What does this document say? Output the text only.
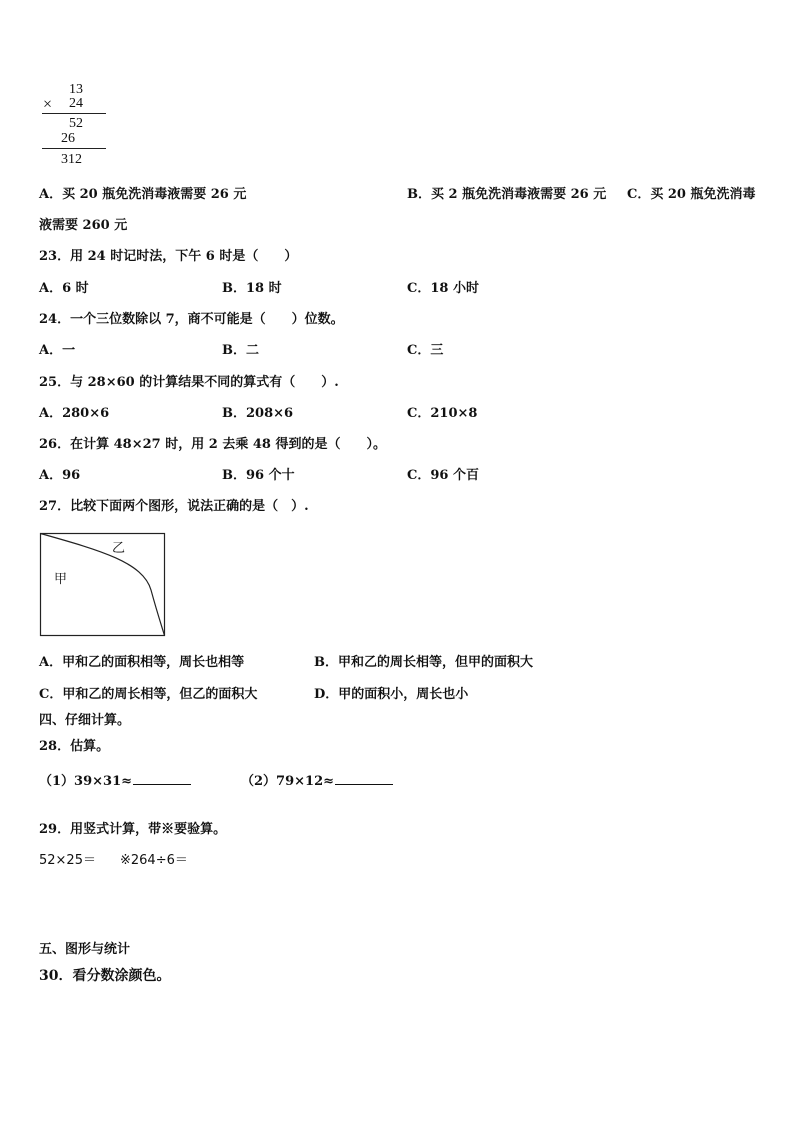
13
× 24
52
26
312
A．买 20 瓶免洗消毒液需要 26 元	B．买 2 瓶免洗消毒液需要 26 元 C．买 20 瓶免洗消毒
液需要 260 元
23．用 24 时记时法，下午 6 时是（　　）
A．6 时	B．18 时	C．18 小时
24．一个三位数除以 7，商不可能是（　　）位数。
A．一	B．二	C．三
25．与 28×60 的计算结果不同的算式有（　　）.
A．280×6	B．208×6	C．210×8
26．在计算 48×27 时，用 2 去乘 48 得到的是（　　）。
A．96	B．96 个十	C．96 个百
27．比较下面两个图形，说法正确的是（　）.
乙
甲
A．甲和乙的面积相等，周长也相等	B．甲和乙的周长相等，但甲的面积大
C．甲和乙的周长相等，但乙的面积大	D．甲的面积小，周长也小
四、仔细计算。
28．估算。
（1）39×31≈	（2）79×12≈
29．用竖式计算，带※要验算。
52×25＝ ※264÷6＝
五、图形与统计
30．看分数涂颜色。
